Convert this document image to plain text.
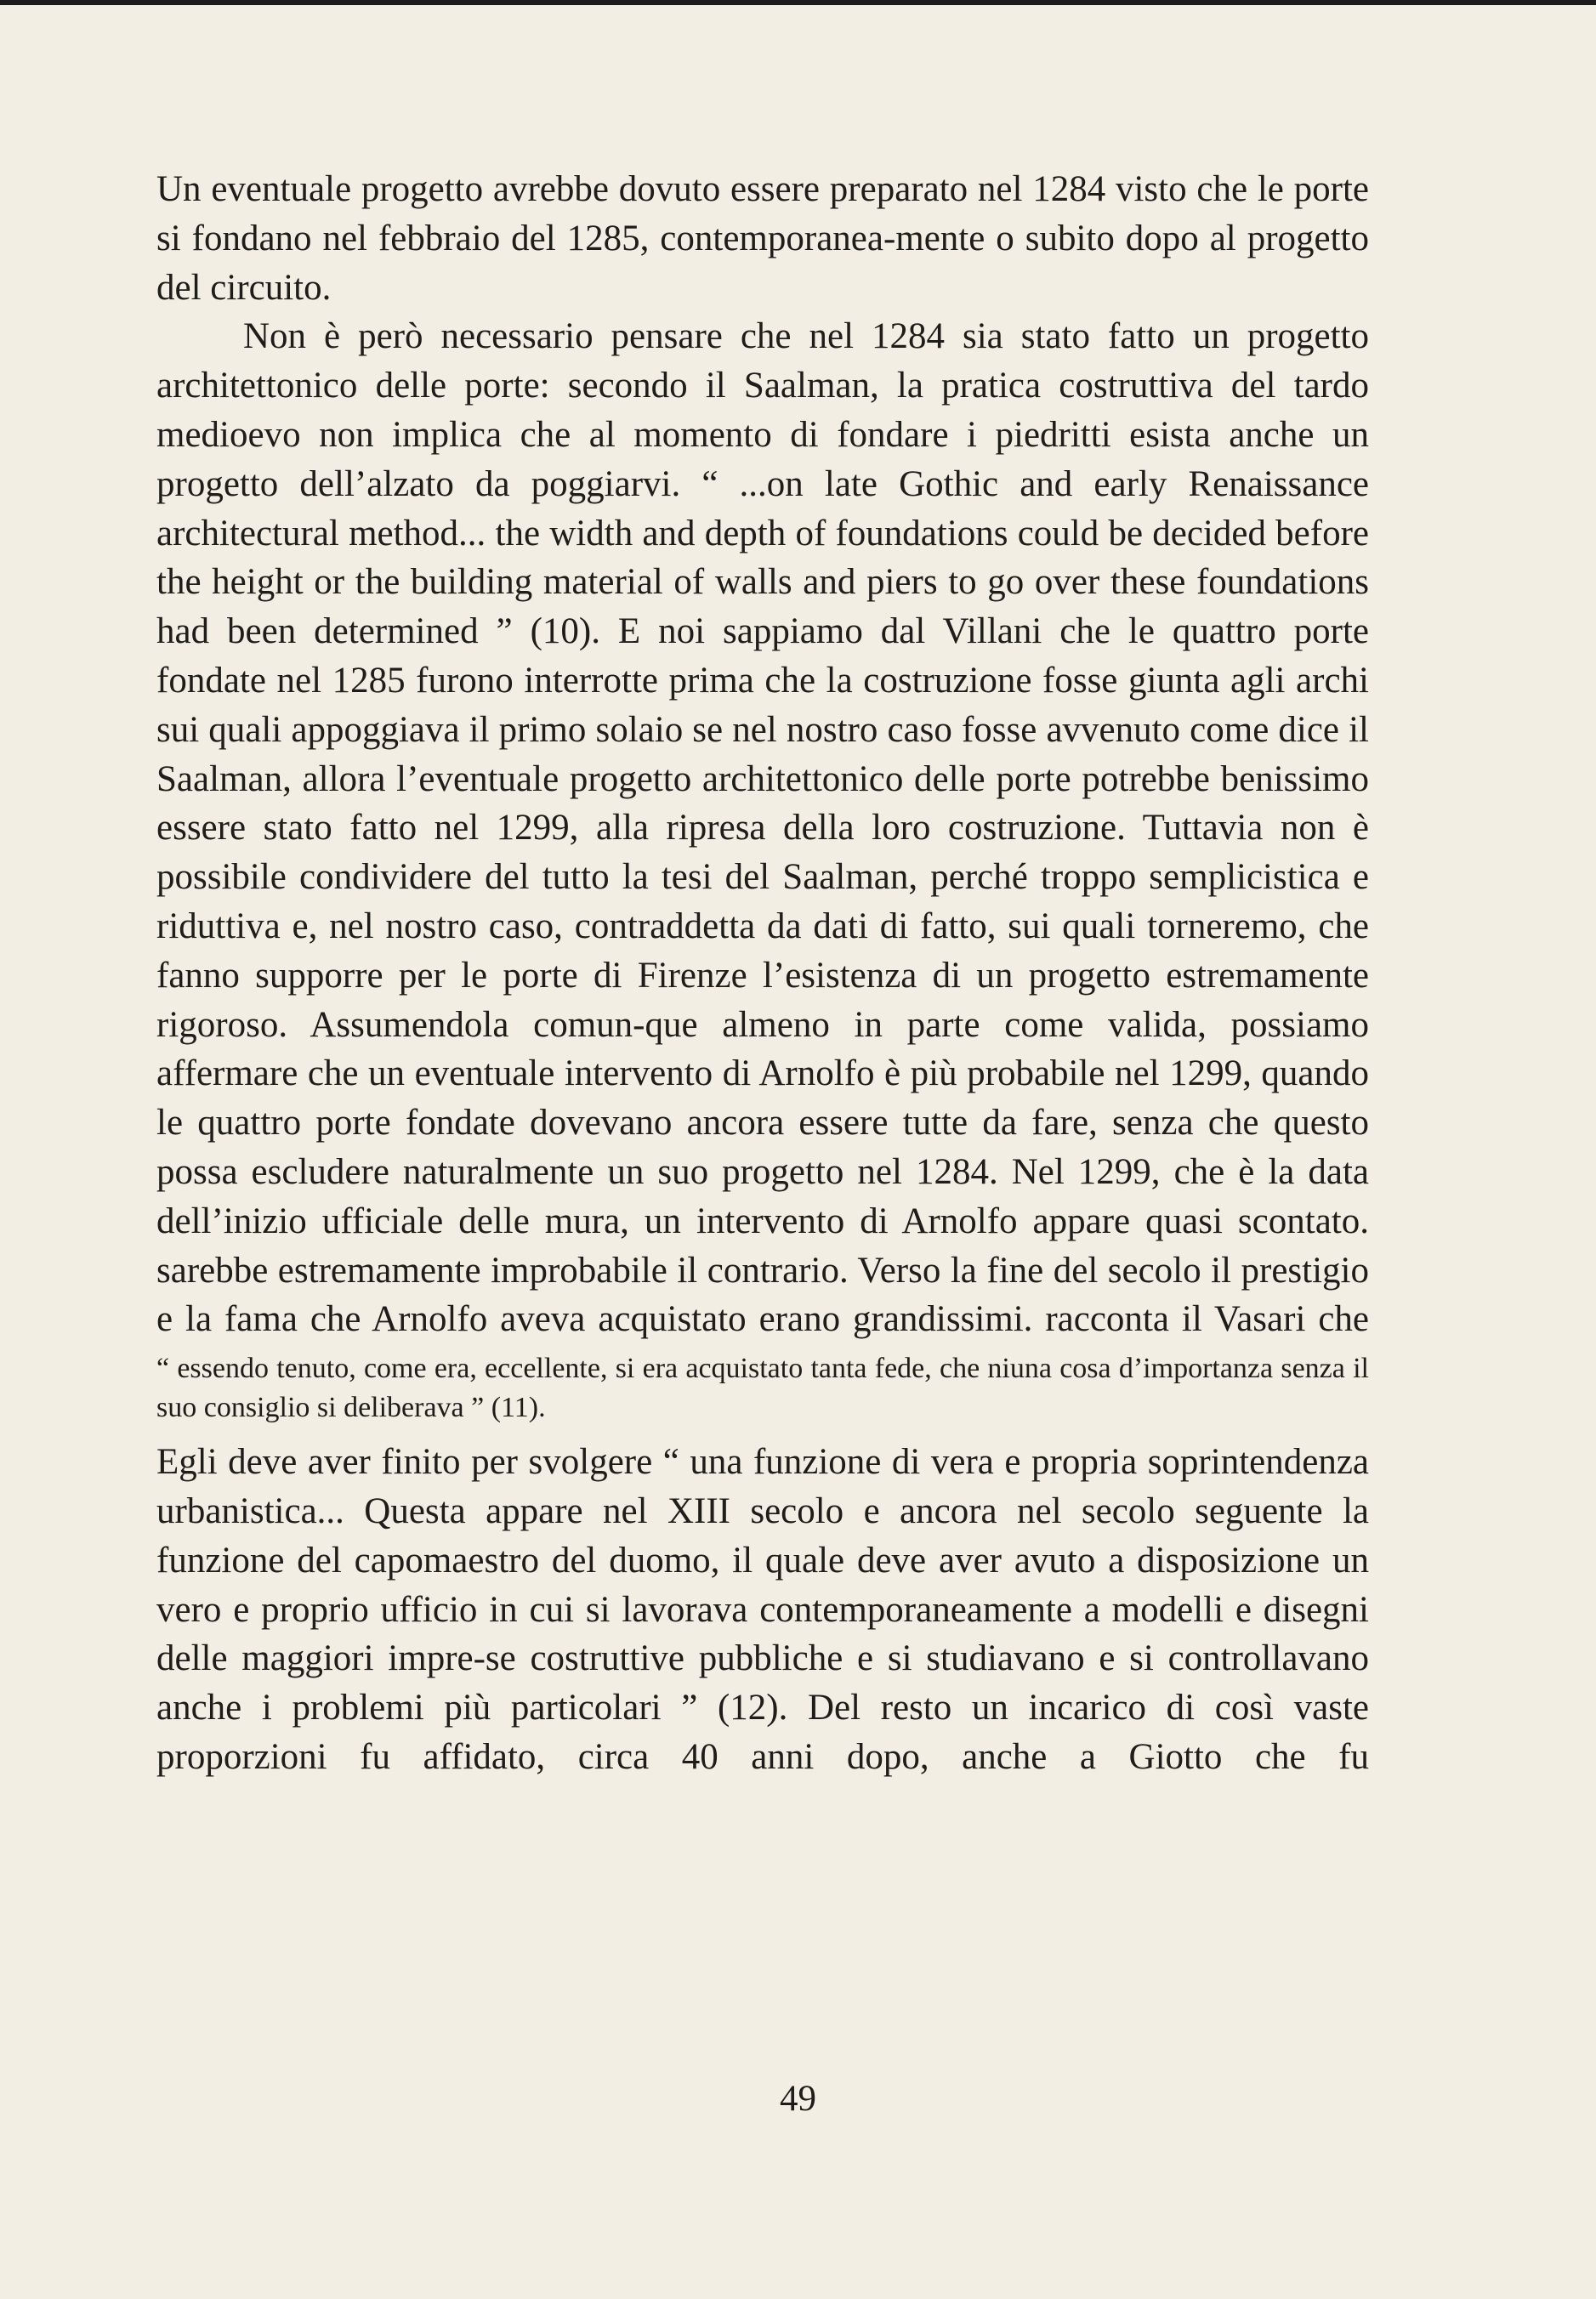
Un eventuale progetto avrebbe dovuto essere preparato nel 1284 visto che le porte si fondano nel febbraio del 1285, contemporanea-mente o subito dopo al progetto del circuito.

Non è però necessario pensare che nel 1284 sia stato fatto un progetto architettonico delle porte: secondo il Saalman, la pratica costruttiva del tardo medioevo non implica che al momento di fondare i piedritti esista anche un progetto dell’alzato da poggiarvi. “ ...on late Gothic and early Renaissance architectural method... the width and depth of foundations could be decided before the height or the building material of walls and piers to go over these foundations had been determined ” (10). E noi sappiamo dal Villani che le quattro porte fondate nel 1285 furono interrotte prima che la costruzione fosse giunta agli archi sui quali appoggiava il primo solaio se nel nostro caso fosse avvenuto come dice il Saalman, allora l’eventuale progetto architettonico delle porte potrebbe benissimo essere stato fatto nel 1299, alla ripresa della loro costruzione. Tuttavia non è possibile condividere del tutto la tesi del Saalman, perché troppo semplicistica e riduttiva e, nel nostro caso, contraddetta da dati di fatto, sui quali torneremo, che fanno supporre per le porte di Firenze l’esistenza di un progetto estremamente rigoroso. Assumendola comun-que almeno in parte come valida, possiamo affermare che un eventuale intervento di Arnolfo è più probabile nel 1299, quando le quattro porte fondate dovevano ancora essere tutte da fare, senza che questo possa escludere naturalmente un suo progetto nel 1284. Nel 1299, che è la data dell’inizio ufficiale delle mura, un intervento di Arnolfo appare quasi scontato. sarebbe estremamente improbabile il contrario. Verso la fine del secolo il prestigio e la fama che Arnolfo aveva acquistato erano grandissimi. racconta il Vasari che

“ essendo tenuto, come era, eccellente, si era acquistato tanta fede, che niuna cosa d’importanza senza il suo consiglio si deliberava ” (11).

Egli deve aver finito per svolgere “ una funzione di vera e propria soprintendenza urbanistica... Questa appare nel XIII secolo e ancora nel secolo seguente la funzione del capomaestro del duomo, il quale deve aver avuto a disposizione un vero e proprio ufficio in cui si lavorava contemporaneamente a modelli e disegni delle maggiori impre-se costruttive pubbliche e si studiavano e si controllavano anche i problemi più particolari ” (12). Del resto un incarico di così vaste proporzioni fu affidato, circa 40 anni dopo, anche a Giotto che fu

49
